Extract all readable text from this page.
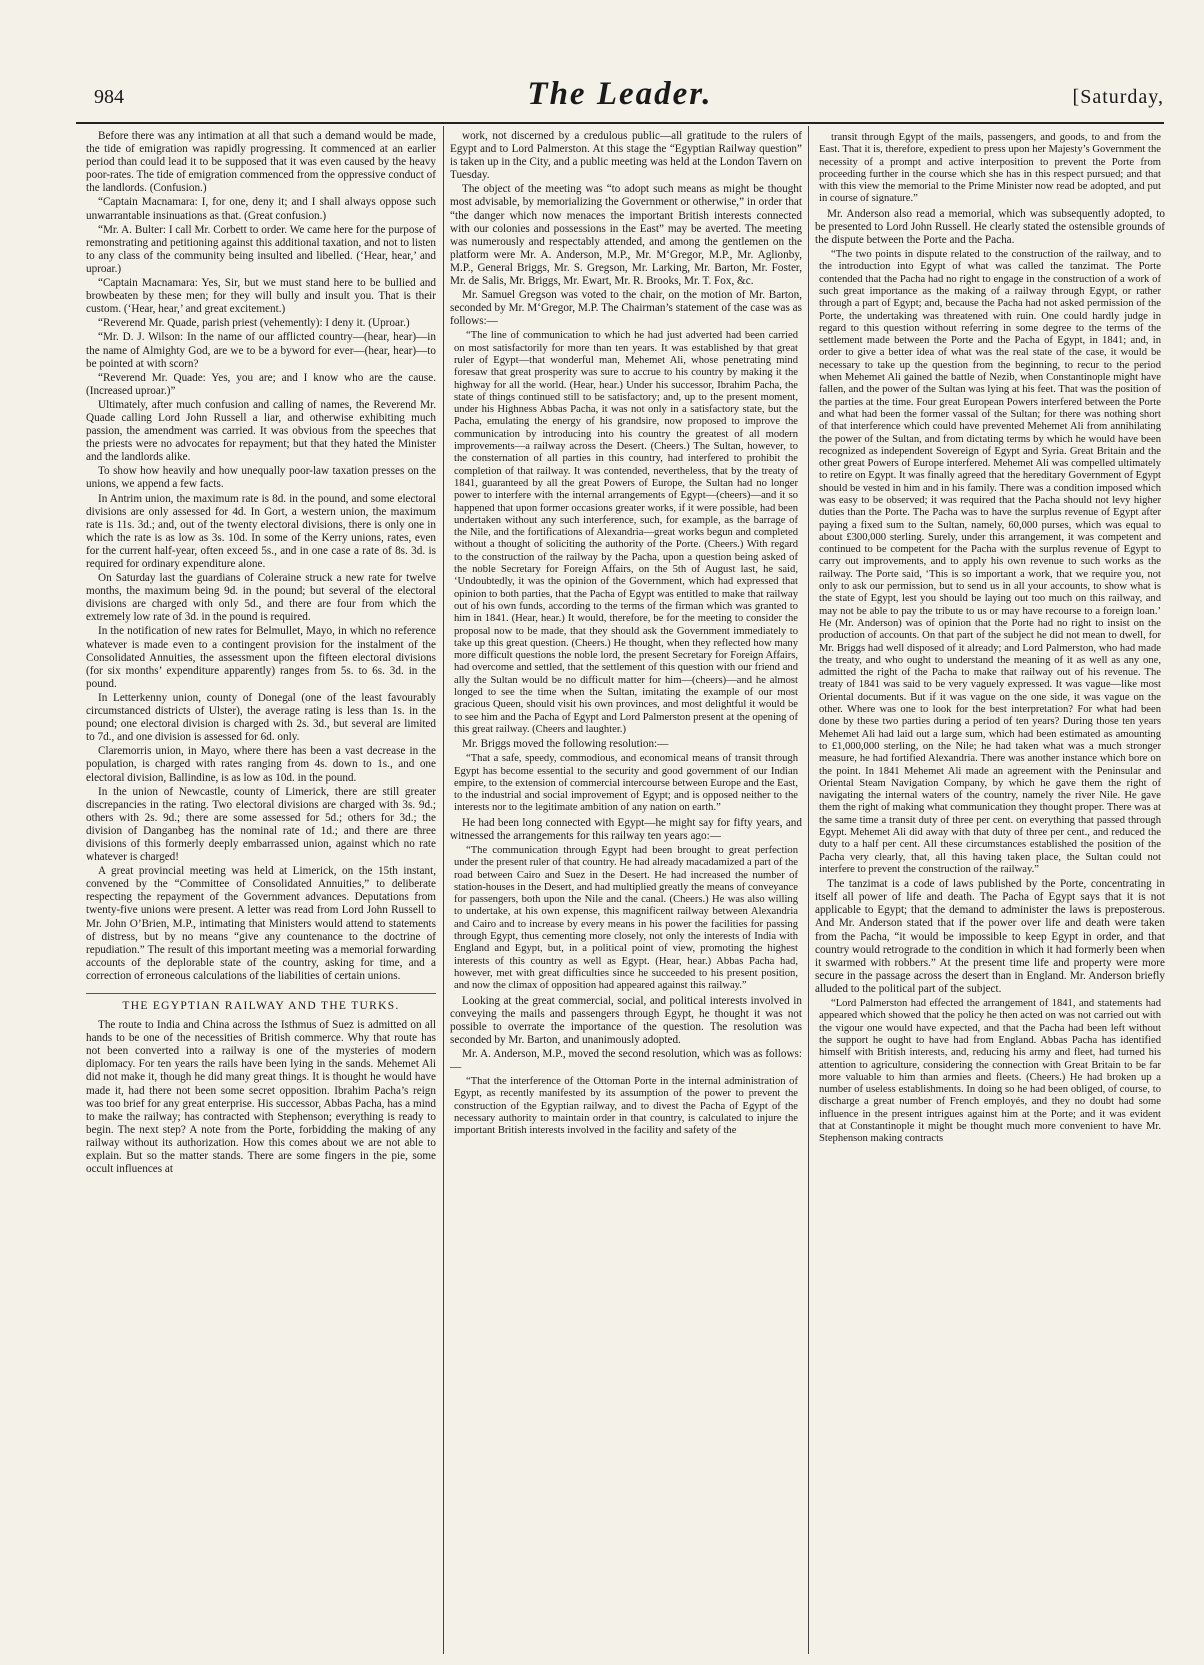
984	The Leader.	[Saturday,

Before there was any intimation at all that such a demand would be made, the tide of emigration was rapidly progressing. It commenced at an earlier period than could lead it to be supposed that it was even caused by the heavy poor-rates. The tide of emigration commenced from the oppressive conduct of the landlords. (Confusion.)

“Captain Macnamara: I, for one, deny it; and I shall always oppose such unwarrantable insinuations as that. (Great confusion.)

“Mr. A. Bulter: I call Mr. Corbett to order. We came here for the purpose of remonstrating and petitioning against this additional taxation, and not to listen to any class of the community being insulted and libelled. (‘Hear, hear,’ and uproar.)

“Captain Macnamara: Yes, Sir, but we must stand here to be bullied and browbeaten by these men; for they will bully and insult you. That is their custom. (‘Hear, hear,’ and great excitement.)

“Reverend Mr. Quade, parish priest (vehemently): I deny it. (Uproar.)

“Mr. D. J. Wilson: In the name of our afflicted country—(hear, hear)—in the name of Almighty God, are we to be a byword for ever—(hear, hear)—to be pointed at with scorn?

“Reverend Mr. Quade: Yes, you are; and I know who are the cause. (Increased uproar.)”

Ultimately, after much confusion and calling of names, the Reverend Mr. Quade calling Lord John Russell a liar, and otherwise exhibiting much passion, the amendment was carried. It was obvious from the speeches that the priests were no advocates for repayment; but that they hated the Minister and the landlords alike.

To show how heavily and how unequally poor-law taxation presses on the unions, we append a few facts.

In Antrim union, the maximum rate is 8d. in the pound, and some electoral divisions are only assessed for 4d. In Gort, a western union, the maximum rate is 11s. 3d.; and, out of the twenty electoral divisions, there is only one in which the rate is as low as 3s. 10d. In some of the Kerry unions, rates, even for the current half-year, often exceed 5s., and in one case a rate of 8s. 3d. is required for ordinary expenditure alone.

On Saturday last the guardians of Coleraine struck a new rate for twelve months, the maximum being 9d. in the pound; but several of the electoral divisions are charged with only 5d., and there are four from which the extremely low rate of 3d. in the pound is required.

In the notification of new rates for Belmullet, Mayo, in which no reference whatever is made even to a contingent provision for the instalment of the Consolidated Annuities, the assessment upon the fifteen electoral divisions (for six months’ expenditure apparently) ranges from 5s. to 6s. 3d. in the pound.

In Letterkenny union, county of Donegal (one of the least favourably circumstanced districts of Ulster), the average rating is less than 1s. in the pound; one electoral division is charged with 2s. 3d., but several are limited to 7d., and one division is assessed for 6d. only.

Claremorris union, in Mayo, where there has been a vast decrease in the population, is charged with rates ranging from 4s. down to 1s., and one electoral division, Ballindine, is as low as 10d. in the pound.

In the union of Newcastle, county of Limerick, there are still greater discrepancies in the rating. Two electoral divisions are charged with 3s. 9d.; others with 2s. 9d.; there are some assessed for 5d.; others for 3d.; the division of Danganbeg has the nominal rate of 1d.; and there are three divisions of this formerly deeply embarrassed union, against which no rate whatever is charged!

A great provincial meeting was held at Limerick, on the 15th instant, convened by the “Committee of Consolidated Annuities,” to deliberate respecting the repayment of the Government advances. Deputations from twenty-five unions were present. A letter was read from Lord John Russell to Mr. John O’Brien, M.P., intimating that Ministers would attend to statements of distress, but by no means “give any countenance to the doctrine of repudiation.” The result of this important meeting was a memorial forwarding accounts of the deplorable state of the country, asking for time, and a correction of erroneous calculations of the liabilities of certain unions.

THE EGYPTIAN RAILWAY AND THE TURKS.

The route to India and China across the Isthmus of Suez is admitted on all hands to be one of the necessities of British commerce. Why that route has not been converted into a railway is one of the mysteries of modern diplomacy. For ten years the rails have been lying in the sands. Mehemet Ali did not make it, though he did many great things. It is thought he would have made it, had there not been some secret opposition. Ibrahim Pacha’s reign was too brief for any great enterprise. His successor, Abbas Pacha, has a mind to make the railway; has contracted with Stephenson; everything is ready to begin. The next step? A note from the Porte, forbidding the making of any railway without its authorization. How this comes about we are not able to explain. But so the matter stands. There are some fingers in the pie, some occult influences at

work, not discerned by a credulous public—all gratitude to the rulers of Egypt and to Lord Palmerston. At this stage the “Egyptian Railway question” is taken up in the City, and a public meeting was held at the London Tavern on Tuesday.

The object of the meeting was “to adopt such means as might be thought most advisable, by memorializing the Government or otherwise,” in order that “the danger which now menaces the important British interests connected with our colonies and possessions in the East” may be averted. The meeting was numerously and respectably attended, and among the gentlemen on the platform were Mr. A. Anderson, M.P., Mr. M‘Gregor, M.P., Mr. Aglionby, M.P., General Briggs, Mr. S. Gregson, Mr. Larking, Mr. Barton, Mr. Foster, Mr. de Salis, Mr. Briggs, Mr. Ewart, Mr. R. Brooks, Mr. T. Fox, &c.

Mr. Samuel Gregson was voted to the chair, on the motion of Mr. Barton, seconded by Mr. M‘Gregor, M.P. The Chairman’s statement of the case was as follows:—

“The line of communication to which he had just adverted had been carried on most satisfactorily for more than ten years. It was established by that great ruler of Egypt—that wonderful man, Mehemet Ali, whose penetrating mind foresaw that great prosperity was sure to accrue to his country by making it the highway for all the world. (Hear, hear.) Under his successor, Ibrahim Pacha, the state of things continued still to be satisfactory; and, up to the present moment, under his Highness Abbas Pacha, it was not only in a satisfactory state, but the Pacha, emulating the energy of his grandsire, now proposed to improve the communication by introducing into his country the greatest of all modern improvements—a railway across the Desert. (Cheers.) The Sultan, however, to the consternation of all parties in this country, had interfered to prohibit the completion of that railway. It was contended, nevertheless, that by the treaty of 1841, guaranteed by all the great Powers of Europe, the Sultan had no longer power to interfere with the internal arrangements of Egypt—(cheers)—and it so happened that upon former occasions greater works, if it were possible, had been undertaken without any such interference, such, for example, as the barrage of the Nile, and the fortifications of Alexandria—great works begun and completed without a thought of soliciting the authority of the Porte. (Cheers.) With regard to the construction of the railway by the Pacha, upon a question being asked of the noble Secretary for Foreign Affairs, on the 5th of August last, he said, ‘Undoubtedly, it was the opinion of the Government, which had expressed that opinion to both parties, that the Pacha of Egypt was entitled to make that railway out of his own funds, according to the terms of the firman which was granted to him in 1841. (Hear, hear.) It would, therefore, be for the meeting to consider the proposal now to be made, that they should ask the Government immediately to take up this great question. (Cheers.) He thought, when they reflected how many more difficult questions the noble lord, the present Secretary for Foreign Affairs, had overcome and settled, that the settlement of this question with our friend and ally the Sultan would be no difficult matter for him—(cheers)—and he almost longed to see the time when the Sultan, imitating the example of our most gracious Queen, should visit his own provinces, and most delightful it would be to see him and the Pacha of Egypt and Lord Palmerston present at the opening of this great railway. (Cheers and laughter.)

Mr. Briggs moved the following resolution:—

“That a safe, speedy, commodious, and economical means of transit through Egypt has become essential to the security and good government of our Indian empire, to the extension of commercial intercourse between Europe and the East, to the industrial and social improvement of Egypt; and is opposed neither to the interests nor to the legitimate ambition of any nation on earth.”

He had been long connected with Egypt—he might say for fifty years, and witnessed the arrangements for this railway ten years ago:—

“The communication through Egypt had been brought to great perfection under the present ruler of that country. He had already macadamized a part of the road between Cairo and Suez in the Desert. He had increased the number of station-houses in the Desert, and had multiplied greatly the means of conveyance for passengers, both upon the Nile and the canal. (Cheers.) He was also willing to undertake, at his own expense, this magnificent railway between Alexandria and Cairo and to increase by every means in his power the facilities for passing through Egypt, thus cementing more closely, not only the interests of India with England and Egypt, but, in a political point of view, promoting the highest interests of this country as well as Egypt. (Hear, hear.) Abbas Pacha had, however, met with great difficulties since he succeeded to his present position, and now the climax of opposition had appeared against this railway.”

Looking at the great commercial, social, and political interests involved in conveying the mails and passengers through Egypt, he thought it was not possible to overrate the importance of the question. The resolution was seconded by Mr. Barton, and unanimously adopted.

Mr. A. Anderson, M.P., moved the second resolution, which was as follows:—

“That the interference of the Ottoman Porte in the internal administration of Egypt, as recently manifested by its assumption of the power to prevent the construction of the Egyptian railway, and to divest the Pacha of Egypt of the necessary authority to maintain order in that country, is calculated to injure the important British interests involved in the facility and safety of the

transit through Egypt of the mails, passengers, and goods, to and from the East. That it is, therefore, expedient to press upon her Majesty’s Government the necessity of a prompt and active interposition to prevent the Porte from proceeding further in the course which she has in this respect pursued; and that with this view the memorial to the Prime Minister now read be adopted, and put in course of signature.”

Mr. Anderson also read a memorial, which was subsequently adopted, to be presented to Lord John Russell. He clearly stated the ostensible grounds of the dispute between the Porte and the Pacha.

“The two points in dispute related to the construction of the railway, and to the introduction into Egypt of what was called the tanzimat. The Porte contended that the Pacha had no right to engage in the construction of a work of such great importance as the making of a railway through Egypt, or rather through a part of Egypt; and, because the Pacha had not asked permission of the Porte, the undertaking was threatened with ruin. One could hardly judge in regard to this question without referring in some degree to the terms of the settlement made between the Porte and the Pacha of Egypt, in 1841; and, in order to give a better idea of what was the real state of the case, it would be necessary to take up the question from the beginning, to recur to the period when Mehemet Ali gained the battle of Nezib, when Constantinople might have fallen, and the power of the Sultan was lying at his feet. That was the position of the parties at the time. Four great European Powers interfered between the Porte and what had been the former vassal of the Sultan; for there was nothing short of that interference which could have prevented Mehemet Ali from annihilating the power of the Sultan, and from dictating terms by which he would have been recognized as independent Sovereign of Egypt and Syria. Great Britain and the other great Powers of Europe interfered. Mehemet Ali was compelled ultimately to retire on Egypt. It was finally agreed that the hereditary Government of Egypt should be vested in him and in his family. There was a condition imposed which was easy to be observed; it was required that the Pacha should not levy higher duties than the Porte. The Pacha was to have the surplus revenue of Egypt after paying a fixed sum to the Sultan, namely, 60,000 purses, which was equal to about £300,000 sterling. Surely, under this arrangement, it was competent and continued to be competent for the Pacha with the surplus revenue of Egypt to carry out improvements, and to apply his own revenue to such works as the railway. The Porte said, ‘This is so important a work, that we require you, not only to ask our permission, but to send us in all your accounts, to show what is the state of Egypt, lest you should be laying out too much on this railway, and may not be able to pay the tribute to us or may have recourse to a foreign loan.’ He (Mr. Anderson) was of opinion that the Porte had no right to insist on the production of accounts. On that part of the subject he did not mean to dwell, for Mr. Briggs had well disposed of it already; and Lord Palmerston, who had made the treaty, and who ought to understand the meaning of it as well as any one, admitted the right of the Pacha to make that railway out of his revenue. The treaty of 1841 was said to be very vaguely expressed. It was vague—like most Oriental documents. But if it was vague on the one side, it was vague on the other. Where was one to look for the best interpretation? For what had been done by these two parties during a period of ten years? During those ten years Mehemet Ali had laid out a large sum, which had been estimated as amounting to £1,000,000 sterling, on the Nile; he had taken what was a much stronger measure, he had fortified Alexandria. There was another instance which bore on the point. In 1841 Mehemet Ali made an agreement with the Peninsular and Oriental Steam Navigation Company, by which he gave them the right of navigating the internal waters of the country, namely the river Nile. He gave them the right of making what communication they thought proper. There was at the same time a transit duty of three per cent. on everything that passed through Egypt. Mehemet Ali did away with that duty of three per cent., and reduced the duty to a half per cent. All these circumstances established the position of the Pacha very clearly, that, all this having taken place, the Sultan could not interfere to prevent the construction of the railway.”

The tanzimat is a code of laws published by the Porte, concentrating in itself all power of life and death. The Pacha of Egypt says that it is not applicable to Egypt; that the demand to administer the laws is preposterous. And Mr. Anderson stated that if the power over life and death were taken from the Pacha, “it would be impossible to keep Egypt in order, and that country would retrograde to the condition in which it had formerly been when it swarmed with robbers.” At the present time life and property were more secure in the passage across the desert than in England. Mr. Anderson briefly alluded to the political part of the subject.

“Lord Palmerston had effected the arrangement of 1841, and statements had appeared which showed that the policy he then acted on was not carried out with the vigour one would have expected, and that the Pacha had been left without the support he ought to have had from England. Abbas Pacha has identified himself with British interests, and, reducing his army and fleet, had turned his attention to agriculture, considering the connection with Great Britain to be far more valuable to him than armies and fleets. (Cheers.) He had broken up a number of useless establishments. In doing so he had been obliged, of course, to discharge a great number of French employés, and they no doubt had some influence in the present intrigues against him at the Porte; and it was evident that at Constantinople it might be thought much more convenient to have Mr. Stephenson making contracts
